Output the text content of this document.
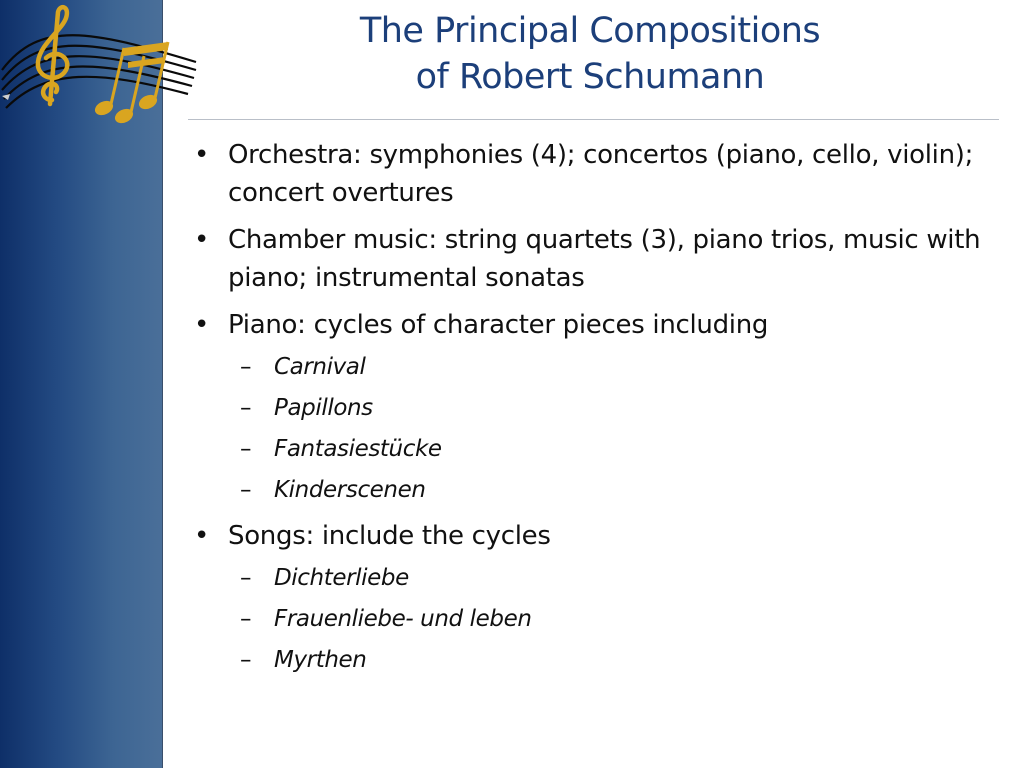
The Principal Compositions
of Robert Schumann
• Orchestra: symphonies (4); concertos (piano, cello, violin); concert overtures
• Chamber music: string quartets (3), piano trios, music with piano; instrumental sonatas
• Piano: cycles of character pieces including
– Carnival
– Papillons
– Fantasiestücke
– Kinderscenen
• Songs: include the cycles
– Dichterliebe
– Frauenliebe- und leben
– Myrthen
